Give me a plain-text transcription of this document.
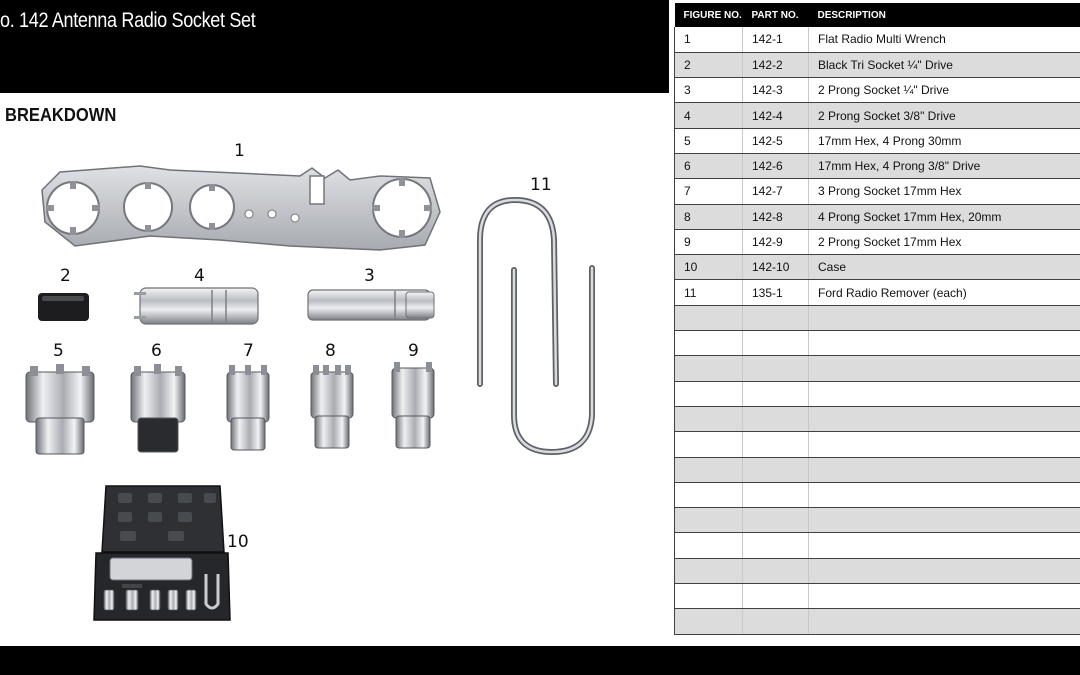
o. 142 Antenna Radio Socket Set
BREAKDOWN
1
2	3
4
5	6	7	8	9
10
11
FIGURE NO.	PART NO.	DESCRIPTION
1	142-1	Flat Radio Multi Wrench
2	142-2	Black Tri Socket ¼" Drive
3	142-3	2 Prong Socket ¼" Drive
4	142-4	2 Prong Socket 3/8" Drive
5	142-5	17mm Hex, 4 Prong 30mm
6	142-6	17mm Hex, 4 Prong 3/8" Drive
7	142-7	3 Prong Socket 17mm Hex
8	142-8	4 Prong Socket 17mm Hex, 20mm
9	142-9	2 Prong Socket 17mm Hex
10	142-10	Case
11	135-1	Ford Radio Remover (each)
